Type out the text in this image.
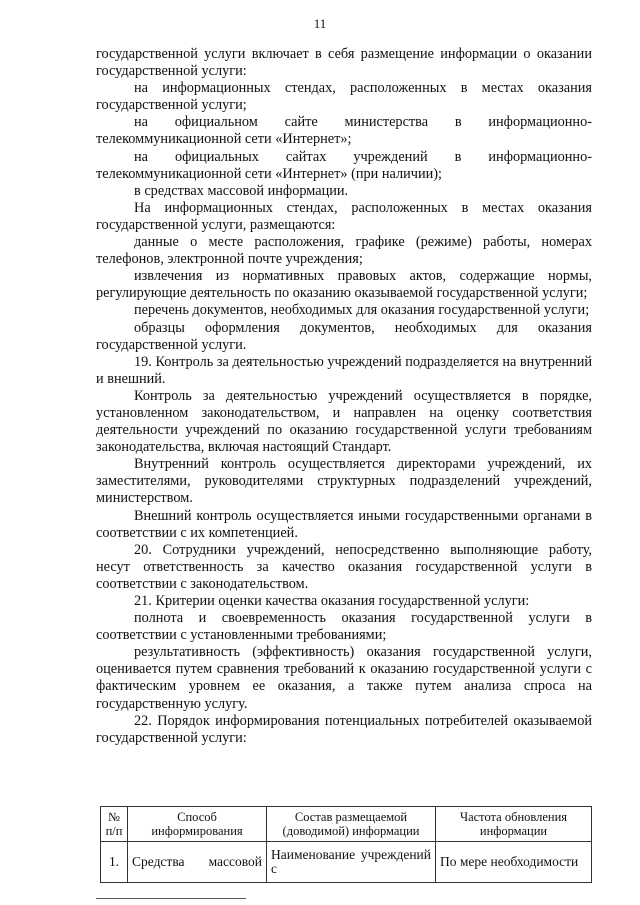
11

государственной услуги включает в себя размещение информации о оказании государственной услуги:

на информационных стендах, расположенных в местах оказания государственной услуги;

на официальном сайте министерства в информационно-телекоммуникационной сети «Интернет»;

на официальных сайтах учреждений в информационно-телекоммуникационной сети «Интернет» (при наличии);

в средствах массовой информации.

На информационных стендах, расположенных в местах оказания государственной услуги, размещаются:

данные о месте расположения, графике (режиме) работы, номерах телефонов, электронной почте учреждения;

извлечения из нормативных правовых актов, содержащие нормы, регулирующие деятельность по оказанию оказываемой государственной услуги;

перечень документов, необходимых для оказания государственной услуги;

образцы оформления документов, необходимых для оказания государственной услуги.

19. Контроль за деятельностью учреждений подразделяется на внутренний и внешний.

Контроль за деятельностью учреждений осуществляется в порядке, установленном законодательством, и направлен на оценку соответствия деятельности учреждений по оказанию государственной услуги требованиям законодательства, включая настоящий Стандарт.

Внутренний контроль осуществляется директорами учреждений, их заместителями, руководителями структурных подразделений учреждений, министерством.

Внешний контроль осуществляется иными государственными органами в соответствии с их компетенцией.

20. Сотрудники учреждений, непосредственно выполняющие работу, несут ответственность за качество оказания государственной услуги в соответствии с законодательством.

21. Критерии оценки качества оказания государственной услуги:

полнота и своевременность оказания государственной услуги в соответствии с установленными требованиями;

результативность (эффективность) оказания государственной услуги, оценивается путем сравнения требований к оказанию государственной услуги с фактическим уровнем ее оказания, а также путем анализа спроса на государственную услугу.

22. Порядок информирования потенциальных потребителей оказываемой государственной услуги:

№ п/п	Способ информирования	Состав размещаемой (доводимой) информации	Частота обновления информации
1.	Средства массовой	Наименование учреждений с	По мере необходимости
